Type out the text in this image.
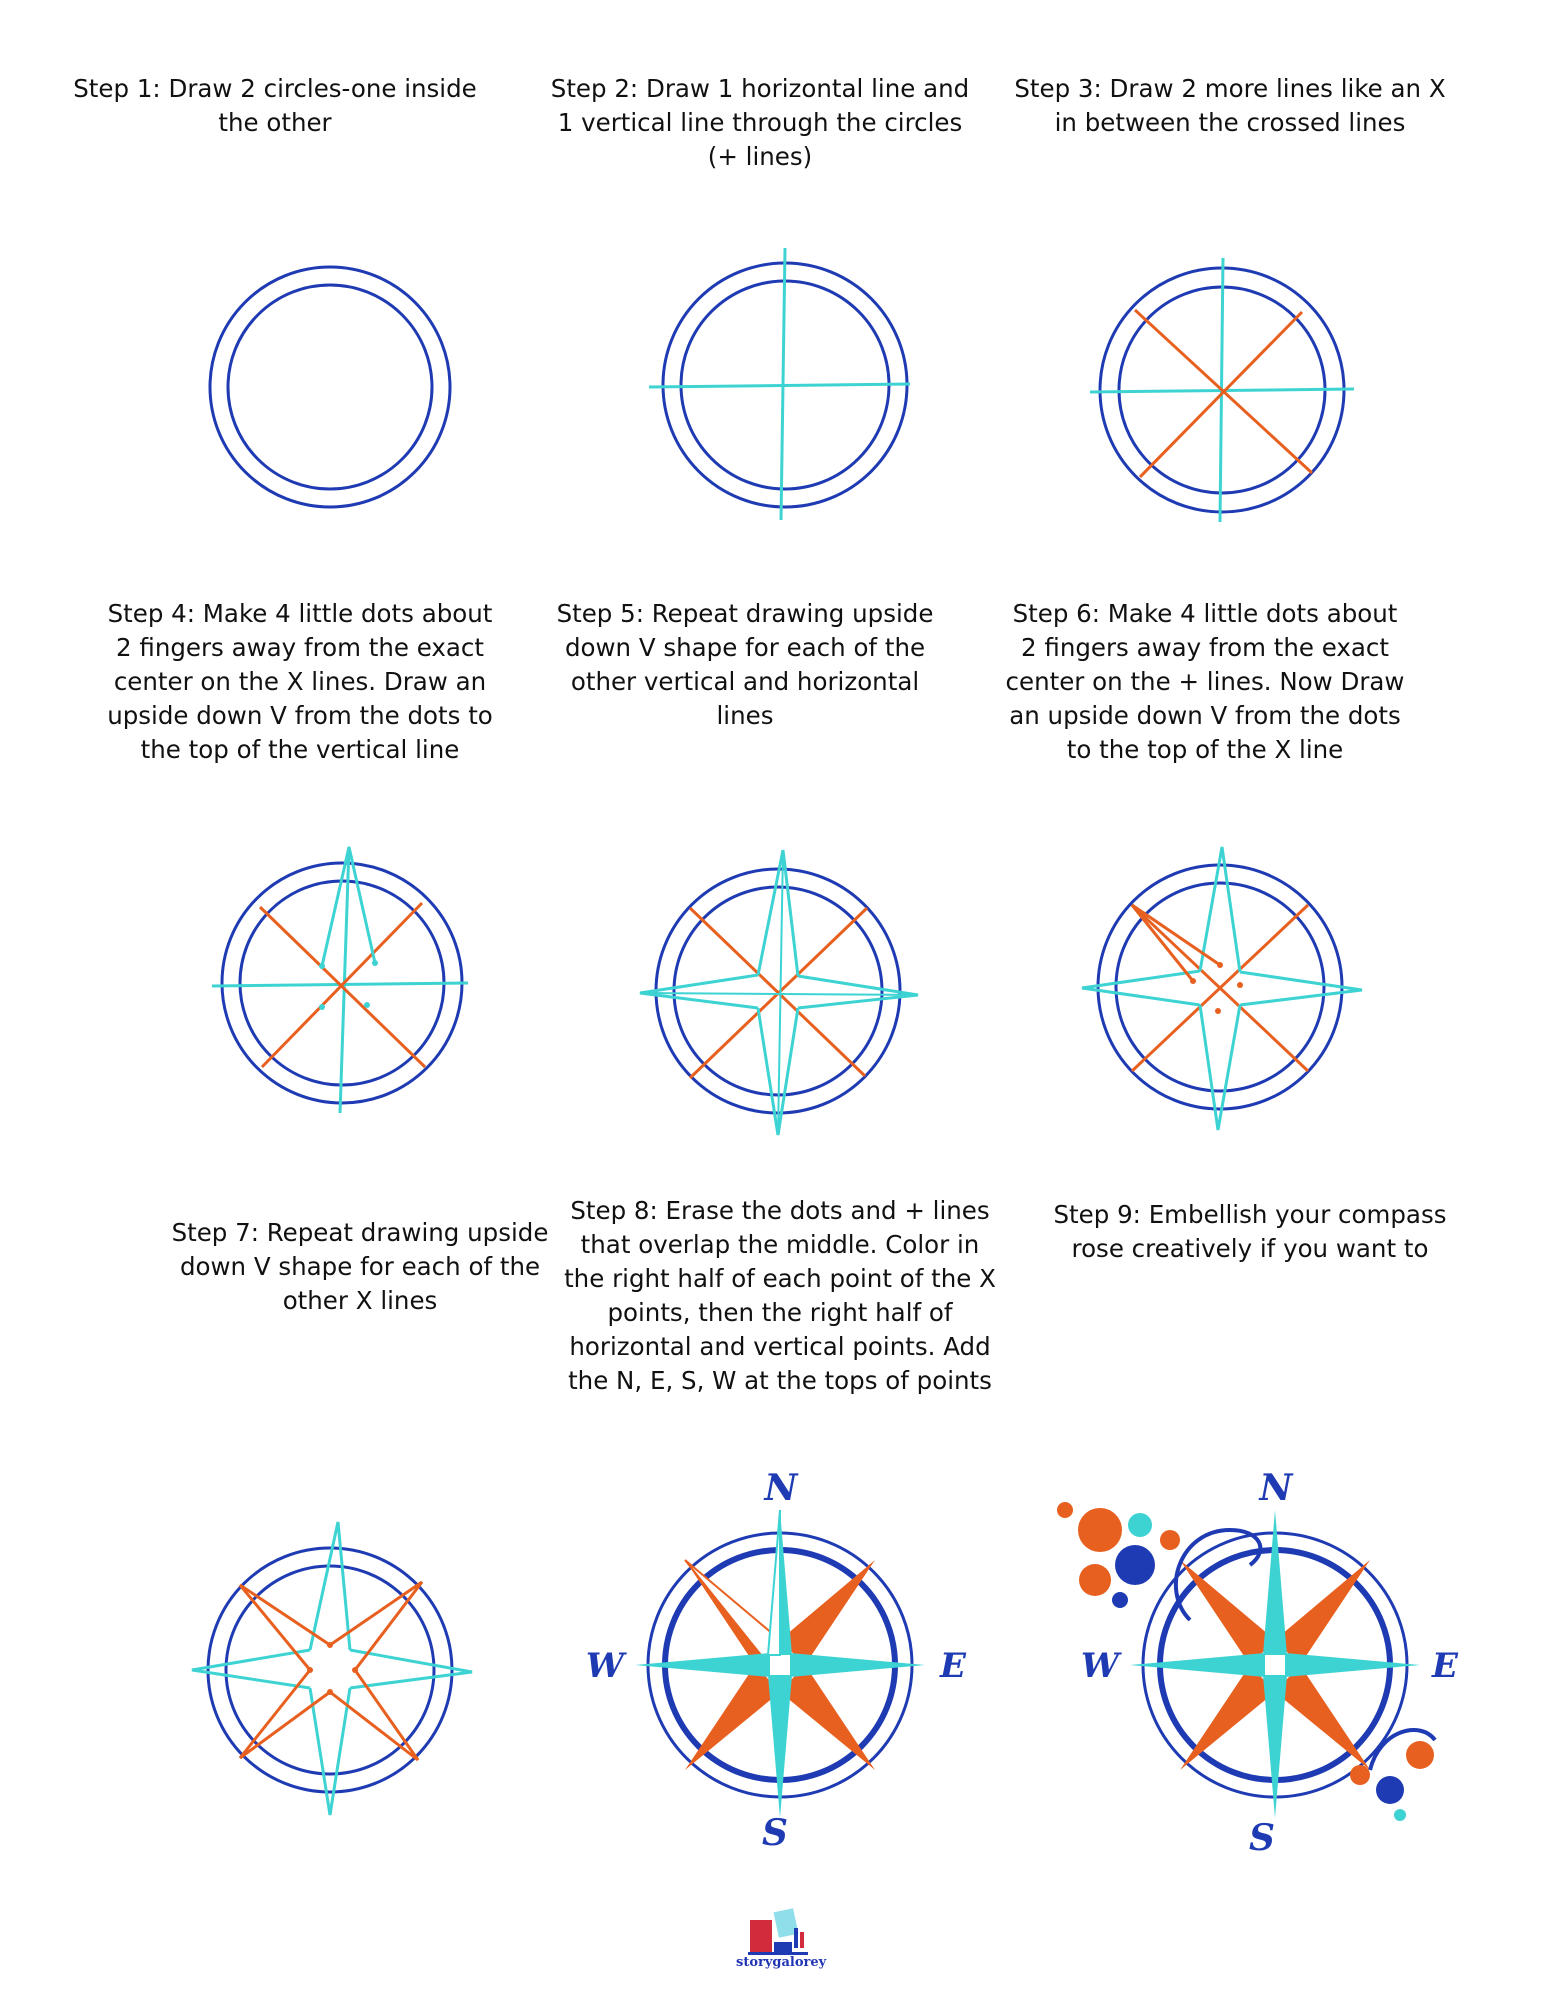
Step 1: Draw 2 circles-one inside the other
Step 2: Draw 1 horizontal line and 1 vertical line through the circles (+ lines)
Step 3: Draw 2 more lines like an X in between the crossed lines
Step 4: Make 4 little dots about 2 fingers away from the exact center on the X lines. Draw an upside down V from the dots to the top of the vertical line
Step 5: Repeat drawing upside down V shape for each of the other vertical and horizontal lines
Step 6: Make 4 little dots about 2 fingers away from the exact center on the + lines. Now Draw an upside down V from the dots to the top of the X line
Step 7: Repeat drawing upside down V shape for each of the other X lines
Step 8: Erase the dots and + lines that overlap the middle. Color in the right half of each point of the X points, then the right half of horizontal and vertical points. Add the N, E, S, W at the tops of points
Step 9: Embellish your compass rose creatively if you want to
N
S
W	E
N
S
W	E
storygalorey
